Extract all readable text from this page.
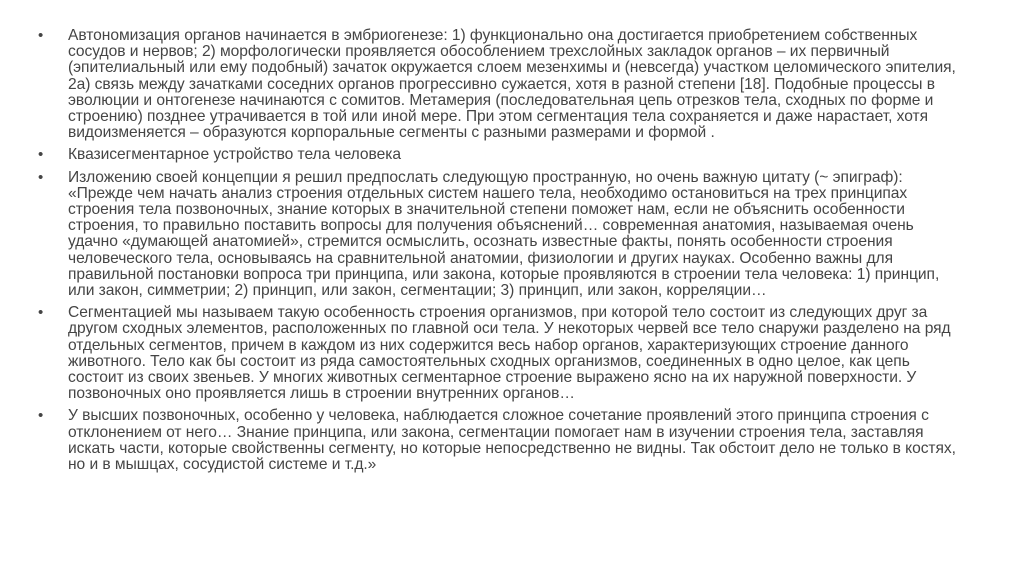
• Автономизация органов начинается в эмбриогенезе: 1) функционально она достигается приобретением собственных сосудов и нервов; 2) морфологически проявляется обособлением трехслойных закладок органов – их первичный (эпителиальный или ему подобный) зачаток окружается слоем мезенхимы и (невсегда) участком целомического эпителия, 2а) связь между зачатками соседних органов прогрессивно сужается, хотя в разной степени [18]. Подобные процессы в эволюции и онтогенезе начинаются с сомитов. Метамерия (последовательная цепь отрезков тела, сходных по форме и строению) позднее утрачивается в той или иной мере. При этом сегментация тела сохраняется и даже нарастает, хотя видоизменяется – образуются корпоральные сегменты с разными размерами и формой .
• Квазисегментарное устройство тела человека
• Изложению своей концепции я решил предпослать следующую пространную, но очень важную цитату (~ эпиграф): «Прежде чем начать анализ строения отдельных систем нашего тела, необходимо остановиться на трех принципах строения тела позвоночных, знание которых в значительной степени поможет нам, если не объяснить особенности строения, то правильно поставить вопросы для получения объяснений… современная анатомия, называемая очень удачно «думающей анатомией», стремится осмыслить, осознать известные факты, понять особенности строения человеческого тела, основываясь на сравнительной анатомии, физиологии и других науках. Особенно важны для правильной постановки вопроса три принципа, или закона, которые проявляются в строении тела человека: 1) принцип, или закон, симметрии; 2) принцип, или закон, сегментации; 3) принцип, или закон, корреляции…
• Сегментацией мы называем такую особенность строения организмов, при которой тело состоит из следующих друг за другом сходных элементов, расположенных по главной оси тела. У некоторых червей все тело снаружи разделено на ряд отдельных сегментов, причем в каждом из них содержится весь набор органов, характеризующих строение данного животного. Тело как бы состоит из ряда самостоятельных сходных организмов, соединенных в одно целое, как цепь состоит из своих звеньев. У многих животных сегментарное строение выражено ясно на их наружной поверхности. У позвоночных оно проявляется лишь в строении внутренних органов…
• У высших позвоночных, особенно у человека, наблюдается сложное сочетание проявлений этого принципа строения с отклонением от него… Знание принципа, или закона, сегментации помогает нам в изучении строения тела, заставляя искать части, которые свойственны сегменту, но которые непосредственно не видны. Так обстоит дело не только в костях, но и в мышцах, сосудистой системе и т.д.»
